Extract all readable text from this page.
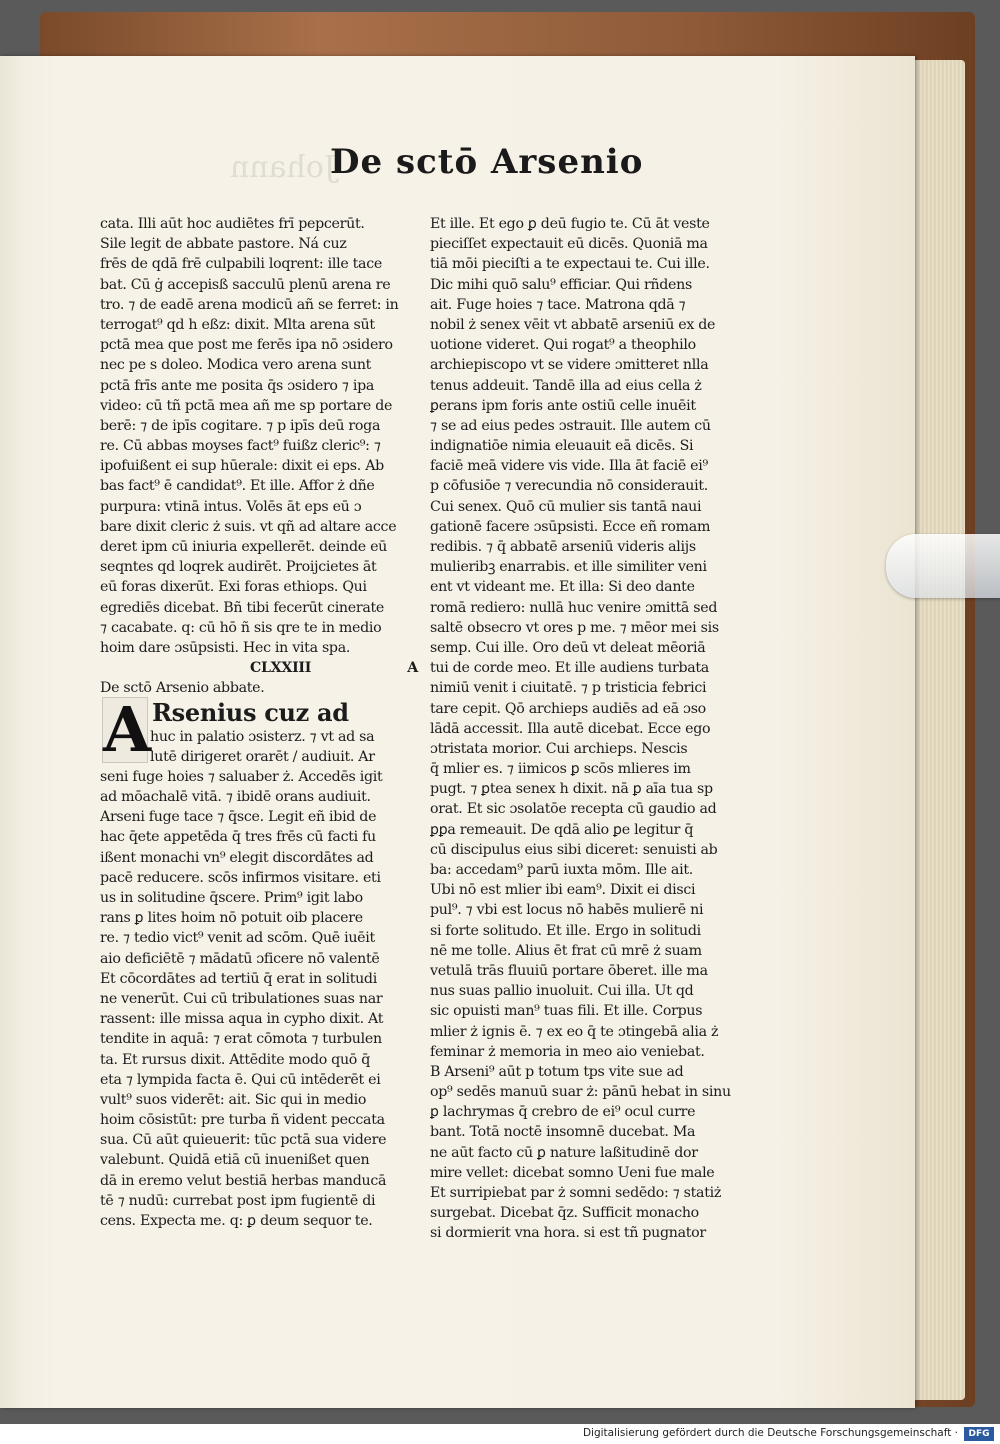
Johann
De sctō Arsenio
cata. Illi aūt hoc audiētes frī pepcerūt.
Sile legit de abbate pastore. Ná cuz
frēs de qdā frē culpabili loqrent: ille tace
bat. Cū ġ accepisß sacculū plenū arena re
tro. ⁊ de eadē arena modicū añ se ferret: in
terrogat⁹ qd h eßz: dixit. Mlta arena sūt
pctā mea que post me ferēs ipa nō ɔsidero
nec pe s doleo. Modica vero arena sunt
pctā frīs ante me posita q̄s ɔsidero ⁊ ipa
video: cū tñ pctā mea añ me sp portare de
berē: ⁊ de ipīs cogitare. ⁊ p ipīs deū roga
re. Cū abbas moyses fact⁹ fuißz cleric⁹: ⁊
ipofuißent ei sup hūerale: dixit ei eps. Ab
bas fact⁹ ē candidat⁹. Et ille. Affor ż dñe
purpura: vtinā intus. Volēs āt eps eū ɔ
bare dixit cleric ż suis. vt qñ ad altare acce
deret ipm cū iniuria expellerēt. deinde eū
seqntes qd loqrek audirēt. Proijcietes āt
eū foras dixerūt. Exi foras ethiops. Qui
egrediēs dicebat. Bñ tibi fecerūt cinerate
⁊ cacabate. q: cū hō ñ sis qre te in medio
hoim dare ɔsūpsisti. Hec in vita spa.
CLXXIII	A
De sctō Arsenio abbate.
A Rsenius cuz ad
huc in palatio ɔsisterz. ⁊ vt ad sa
lutē dirigeret orarēt / audiuit. Ar
seni fuge hoies ⁊ saluaber ż. Accedēs igit
ad mōachalē vitā. ⁊ ibidē orans audiuit.
Arseni fuge tace ⁊ q̄sce. Legit eñ ibid de
hac q̄ete appetēda q̄ tres frēs cū facti fu
ißent monachi vn⁹ elegit discordātes ad
pacē reducere. scōs infirmos visitare. eti
us in solitudine q̄scere. Prim⁹ igit labo
rans ꝑ lites hoim nō potuit oib placere
re. ⁊ tedio vict⁹ venit ad scōm. Quē iuēit
aio deficiētē ⁊ mādatū ɔficere nō valentē
Et cōcordātes ad tertiū q̄ erat in solitudi
ne venerūt. Cui cū tribulationes suas nar
rassent: ille missa aqua in cypho dixit. At
tendite in aquā: ⁊ erat cōmota ⁊ turbulen
ta. Et rursus dixit. Attēdite modo quō q̄
eta ⁊ lympida facta ē. Qui cū intēderēt ei
vult⁹ suos viderēt: ait. Sic qui in medio
hoim cōsistūt: pre turba ñ vident peccata
sua. Cū aūt quieuerit: tūc pctā sua videre
valebunt. Quidā etiā cū inuenißet quen
dā in eremo velut bestiā herbas manducā
tē ⁊ nudū: currebat post ipm fugientē di
cens. Expecta me. q: ꝑ deum sequor te.
Et ille. Et ego ꝑ deū fugio te. Cū āt veste
pieciſſet expectauit eū dicēs. Quoniā ma
tiā mōi pieciſti a te expectaui te. Cui ille.
Dic mihi quō salu⁹ efficiar. Qui rñdens
ait. Fuge hoies ⁊ tace. Matrona qdā ⁊
nobil ż senex vēit vt abbatē arseniū ex de
uotione videret. Qui rogat⁹ a theophilo
archiepiscopo vt se videre ɔmitteret nlla
tenus addeuit. Tandē illa ad eius cella ż
ꝑerans ipm foris ante ostiū celle inuēit
⁊ se ad eius pedes ɔstrauit. Ille autem cū
indignatiōe nimia eleuauit eā dicēs. Si
faciē meā videre vis vide. Illa āt faciē ei⁹
p cōfusiōe ⁊ verecundia nō considerauit.
Cui senex. Quō cū mulier sis tantā naui
gationē facere ɔsūpsisti. Ecce eñ romam
redibis. ⁊ q̄ abbatē arseniū videris alijs
mulieribꝫ enarrabis. et ille similiter veni
ent vt videant me. Et illa: Si deo dante
romā rediero: nullā huc venire ɔmittā sed
saltē obsecro vt ores p me. ⁊ mēor mei sis
semp. Cui ille. Oro deū vt deleat mēoriā
tui de corde meo. Et ille audiens turbata
nimiū venit i ciuitatē. ⁊ p tristicia febrici
tare cepit. Qō archieps audiēs ad eā ɔso
lādā accessit. Illa autē dicebat. Ecce ego
ɔtristata morior. Cui archieps. Nescis
q̄ mlier es. ⁊ iimicos ꝑ scōs mlieres im
pugt. ⁊ ꝑtea senex h dixit. nā ꝑ aīa tua sp
orat. Et sic ɔsolatōe recepta cū gaudio ad
ꝑꝑa remeauit. De qdā alio ꝑe legitur q̄
cū discipulus eius sibi diceret: senuisti ab
ba: accedam⁹ parū iuxta mōm. Ille ait.
Ubi nō est mlier ibi eam⁹. Dixit ei disci
pul⁹. ⁊ vbi est locus nō habēs mulierē ni
si forte solitudo. Et ille. Ergo in solitudi
nē me tolle. Alius ēt frat cū mrē ż suam
vetulā trās fluuiū portare ōberet. ille ma
nus suas pallio inuoluit. Cui illa. Ut qd
sic opuisti man⁹ tuas fili. Et ille. Corpus
mlier ż ignis ē. ⁊ ex eo q̄ te ɔtingebā alia ż
feminar ż memoria in meo aio veniebat.
B Arseni⁹ aūt p totum tps vite sue ad
op⁹ sedēs manuū suar ż: pānū hebat in sinu
ꝑ lachrymas q̄ crebro de ei⁹ ocul curre
bant. Totā noctē insomnē ducebat. Ma
ne aūt facto cū ꝑ nature laßitudinē dor
mire vellet: dicebat somno Ueni fue male
Et surripiebat par ż somni sedēdo: ⁊ statiż
surgebat. Dicebat q̄z. Sufficit monacho
si dormierit vna hora. si est tñ pugnator
Digitalisierung gefördert durch die Deutsche Forschungsgemeinschaft ·	DFG
